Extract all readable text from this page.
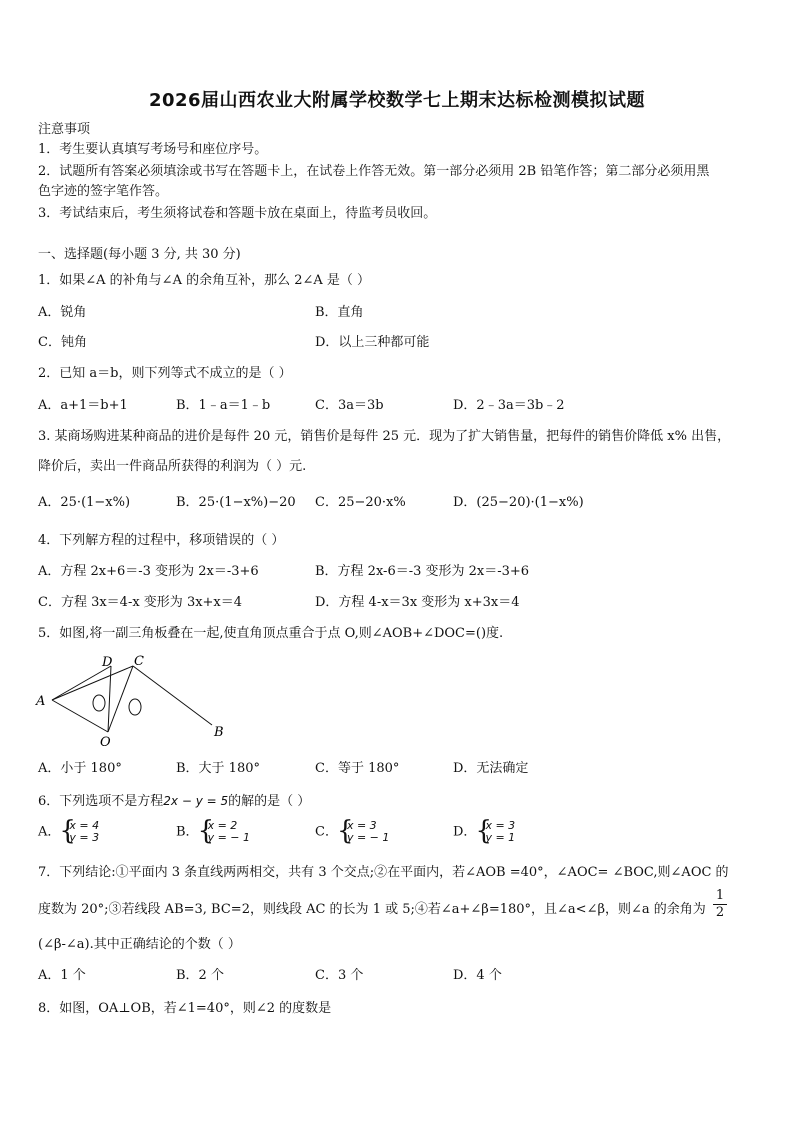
2026届山西农业大附属学校数学七上期末达标检测模拟试题
注意事项
1．考生要认真填写考场号和座位序号。
2．试题所有答案必须填涂或书写在答题卡上，在试卷上作答无效。第一部分必须用 2B 铅笔作答；第二部分必须用黑
色字迹的签字笔作答。
3．考试结束后，考生须将试卷和答题卡放在桌面上，待监考员收回。
一、选择题(每小题 3 分, 共 30 分)
1．如果∠A 的补角与∠A 的余角互补，那么 2∠A 是（ ）
A．锐角	B．直角
C．钝角	D．以上三种都可能
2．已知 a＝b，则下列等式不成立的是（ ）
A．a+1＝b+1	B．1﹣a＝1﹣b	C．3a＝3b	D．2﹣3a＝3b﹣2
3. 某商场购进某种商品的进价是每件 20 元，销售价是每件 25 元．现为了扩大销售量，把每件的销售价降低 x% 出售，
降价后，卖出一件商品所获得的利润为（ ）元.
A．25·(1−x%)	B．25·(1−x%)−20 C．25−20·x%	D．(25−20)·(1−x%)
4．下列解方程的过程中，移项错误的（ ）
A．方程 2x+6＝-3 变形为 2x＝-3+6	B．方程 2x-6＝-3 变形为 2x＝-3+6
C．方程 3x＝4-x 变形为 3x+x＝4	D．方程 4-x＝3x 变形为 x+3x＝4
5．如图,将一副三角板叠在一起,使直角顶点重合于点 O,则∠AOB+∠DOC=()度.
D C
A
O
B
A．小于 180°	B．大于 180°	C．等于 180°	D．无法确定
6．下列选项不是方程2x − y = 5的解的是（ ）
A． { x = 4
y = 3	B． { x = 2
y = − 1	C． { x = 3
y = − 1	D． { x = 3
y = 1
7．下列结论:①平面内 3 条直线两两相交，共有 3 个交点;②在平面内，若∠AOB =40°，∠AOC= ∠BOC,则∠AOC 的
度数为 20°;③若线段 AB=3, BC=2，则线段 AC 的长为 1 或 5;④若∠a+∠β=180°，且∠a<∠β，则∠a 的余角为 $\frac{1}{2}$
(∠β-∠a).其中正确结论的个数（ ）
A．1 个	B．2 个	C．3 个	D．4 个
8．如图，OA⊥OB，若∠1=40°，则∠2 的度数是
